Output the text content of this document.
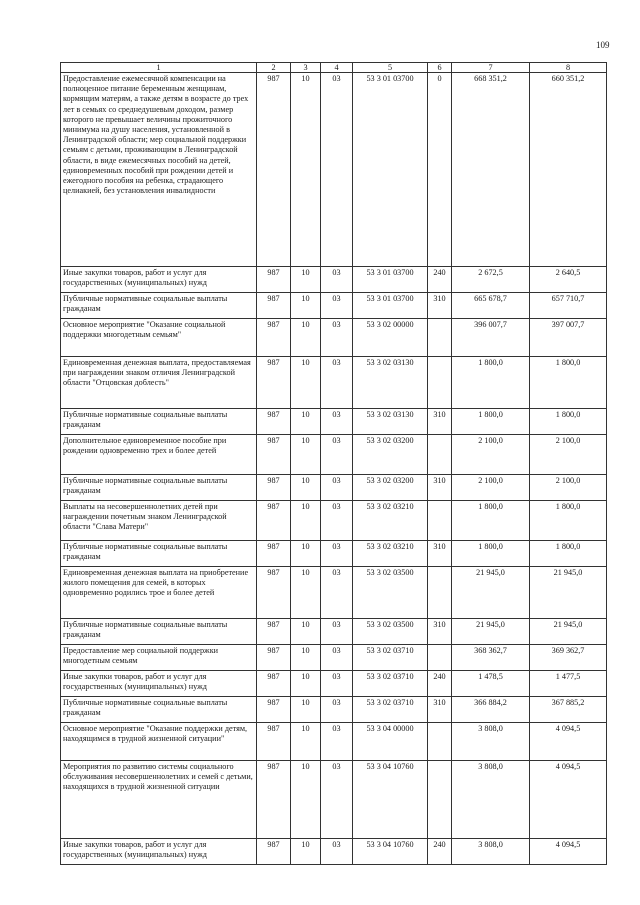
109
1	2	3	4	5	6	7	8
Предоставление ежемесячной компенсации на полноценное питание беременным женщинам, кормящим матерям, а также детям в возрасте до трех лет в семьях со среднедушевым доходом, размер которого не превышает величины прожиточного минимума на душу населения, установленной в Ленинградской области; мер социальной поддержки семьям с детьми, проживающим в Ленинградской области, в виде ежемесячных пособий на детей, единовременных пособий при рождении детей и ежегодного пособия на ребенка, страдающего целиакией, без установления инвалидности	987	10	03	53 3 01 03700	0	668 351,2	660 351,2
Иные закупки товаров, работ и услуг для государственных (муниципальных) нужд	987	10	03	53 3 01 03700	240	2 672,5	2 640,5
Публичные нормативные социальные выплаты гражданам	987	10	03	53 3 01 03700	310	665 678,7	657 710,7
Основное мероприятие "Оказание социальной поддержки многодетным семьям"	987	10	03	53 3 02 00000		396 007,7	397 007,7
Единовременная денежная выплата, предоставляемая при награждении знаком отличия Ленинградской области "Отцовская доблесть"	987	10	03	53 3 02 03130		1 800,0	1 800,0
Публичные нормативные социальные выплаты гражданам	987	10	03	53 3 02 03130	310	1 800,0	1 800,0
Дополнительное единовременное пособие при рождении одновременно трех и более детей	987	10	03	53 3 02 03200		2 100,0	2 100,0
Публичные нормативные социальные выплаты гражданам	987	10	03	53 3 02 03200	310	2 100,0	2 100,0
Выплаты на несовершеннолетних детей при награждении почетным знаком Ленинградской области "Слава Матери"	987	10	03	53 3 02 03210		1 800,0	1 800,0
Публичные нормативные социальные выплаты гражданам	987	10	03	53 3 02 03210	310	1 800,0	1 800,0
Единовременная денежная выплата на приобретение жилого помещения для семей, в которых одновременно родились трое и более детей	987	10	03	53 3 02 03500		21 945,0	21 945,0
Публичные нормативные социальные выплаты гражданам	987	10	03	53 3 02 03500	310	21 945,0	21 945,0
Предоставление мер социальной поддержки многодетным семьям	987	10	03	53 3 02 03710		368 362,7	369 362,7
Иные закупки товаров, работ и услуг для государственных (муниципальных) нужд	987	10	03	53 3 02 03710	240	1 478,5	1 477,5
Публичные нормативные социальные выплаты гражданам	987	10	03	53 3 02 03710	310	366 884,2	367 885,2
Основное мероприятие "Оказание поддержки детям, находящимся в трудной жизненной ситуации"	987	10	03	53 3 04 00000		3 808,0	4 094,5
Мероприятия по развитию системы социального обслуживания несовершеннолетних и семей с детьми, находящихся в трудной жизненной ситуации	987	10	03	53 3 04 10760		3 808,0	4 094,5
Иные закупки товаров, работ и услуг для государственных (муниципальных) нужд	987	10	03	53 3 04 10760	240	3 808,0	4 094,5
